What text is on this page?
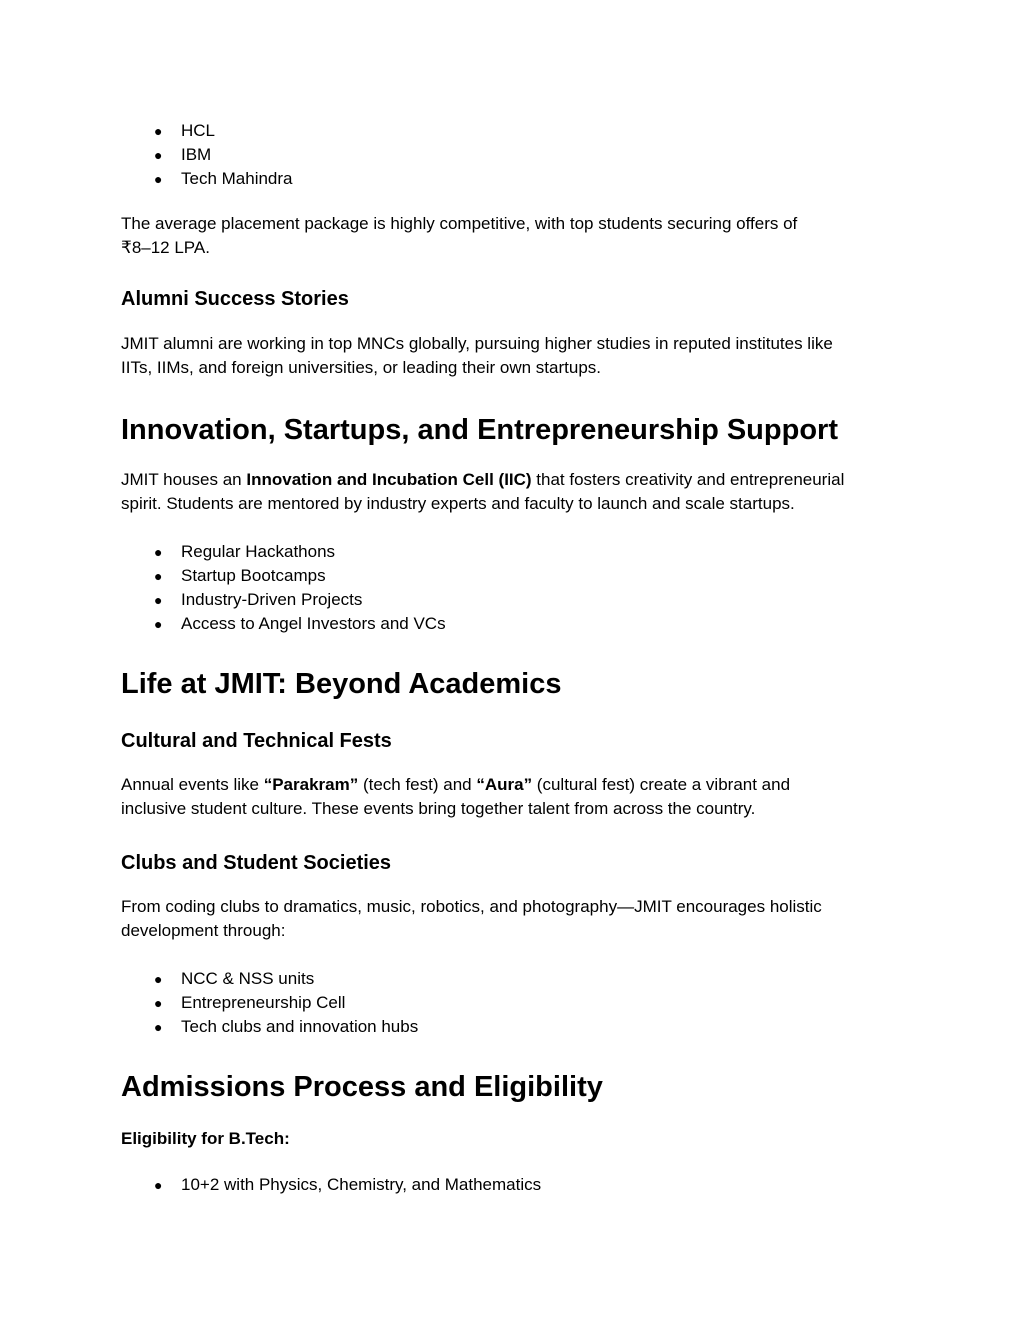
● HCL
● IBM
● Tech Mahindra
The average placement package is highly competitive, with top students securing offers of
₹8–12 LPA.
Alumni Success Stories
JMIT alumni are working in top MNCs globally, pursuing higher studies in reputed institutes like
IITs, IIMs, and foreign universities, or leading their own startups.
Innovation, Startups, and Entrepreneurship Support
JMIT houses an Innovation and Incubation Cell (IIC) that fosters creativity and entrepreneurial
spirit. Students are mentored by industry experts and faculty to launch and scale startups.
● Regular Hackathons
● Startup Bootcamps
● Industry-Driven Projects
● Access to Angel Investors and VCs
Life at JMIT: Beyond Academics
Cultural and Technical Fests
Annual events like “Parakram” (tech fest) and “Aura” (cultural fest) create a vibrant and
inclusive student culture. These events bring together talent from across the country.
Clubs and Student Societies
From coding clubs to dramatics, music, robotics, and photography—JMIT encourages holistic
development through:
● NCC & NSS units
● Entrepreneurship Cell
● Tech clubs and innovation hubs
Admissions Process and Eligibility
Eligibility for B.Tech:
● 10+2 with Physics, Chemistry, and Mathematics
